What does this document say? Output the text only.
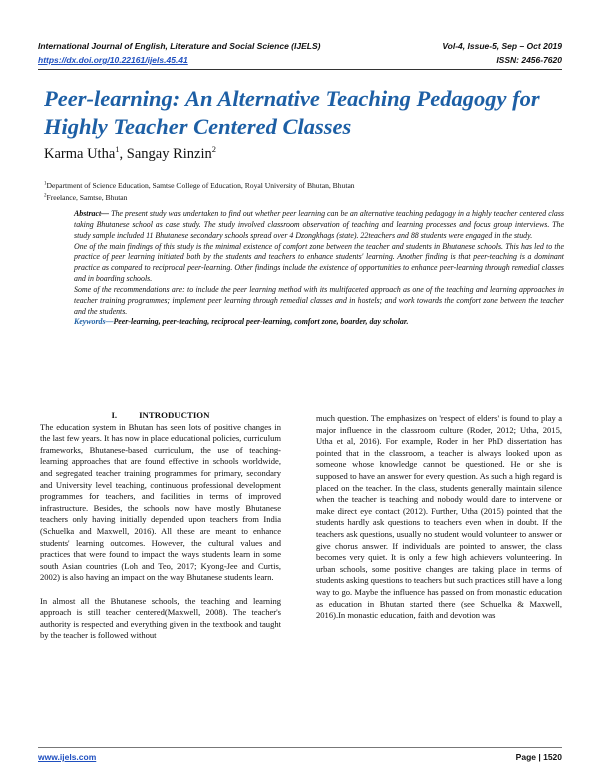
International Journal of English, Literature and Social Science (IJELS)	Vol-4, Issue-5, Sep – Oct 2019
https://dx.doi.org/10.22161/ijels.45.41	ISSN: 2456-7620
Peer-learning: An Alternative Teaching Pedagogy for Highly Teacher Centered Classes
Karma Utha$^1$, Sangay Rinzin$^2$
$^1$Department of Science Education, Samtse College of Education, Royal University of Bhutan, Bhutan
$^2$Freelance, Samtse, Bhutan

Abstract— The present study was undertaken to find out whether peer learning can be an alternative teaching pedagogy in a highly teacher centered class taking Bhutanese school as case study. The study involved classroom observation of teaching and learning processes and focus group interviews. The study sample included 11 Bhutanese secondary schools spread over 4 Dzongkhags (state). 22teachers and 88 students were engaged in the study.

One of the main findings of this study is the minimal existence of comfort zone between the teacher and students in Bhutanese schools. This has led to the practice of peer learning initiated both by the students and teachers to enhance students' learning. Another finding is that peer-teaching is a dominant practice as compared to reciprocal peer-learning. Other findings include the existence of opportunities to enhance peer-learning through remedial classes and in boarding schools.

Some of the recommendations are: to include the peer learning method with its multifaceted approach as one of the teaching and learning approaches in teacher training programmes; implement peer learning through remedial classes and in hostels; and work towards the comfort zone between the teacher and the students.

Keywords—Peer-learning, peer-teaching, reciprocal peer-learning, comfort zone, boarder, day scholar.

I.	INTRODUCTION

The education system in Bhutan has seen lots of positive changes in the last few years. It has now in place educational policies, curriculum frameworks, Bhutanese-based curriculum, the use of teaching-learning approaches that are found effective in schools worldwide, and segregated teacher training programmes for primary, secondary and University level teaching, continuous professional development programmes for teachers, and facilities in terms of improved infrastructure. Besides, the schools now have mostly Bhutanese teachers only having initially depended upon teachers from India (Schuelka and Maxwell, 2016). All these are meant to enhance students' learning outcomes. However, the cultural values and practices that were found to impact the ways students learn in some south Asian countries (Loh and Teo, 2017; Kyong-Jee and Curtis, 2002) is also having an impact on the way Bhutanese students learn.

In almost all the Bhutanese schools, the teaching and learning approach is still teacher centered(Maxwell, 2008). The teacher's authority is respected and everything given in the textbook and taught by the teacher is followed without

much question. The emphasizes on 'respect of elders' is found to play a major influence in the classroom culture (Roder, 2012; Utha, 2015, Utha et al, 2016). For example, Roder in her PhD dissertation has pointed that in the classroom, a teacher is always looked upon as someone whose knowledge cannot be questioned. He or she is supposed to have an answer for every question. As such a high regard is placed on the teacher. In the class, students generally maintain silence when the teacher is teaching and nobody would dare to intervene or make direct eye contact (2012). Further, Utha (2015) pointed that the students hardly ask questions to teachers even when in doubt. If the teachers ask questions, usually no student would volunteer to answer or give chorus answer. If individuals are pointed to answer, the class becomes very quiet. It is only a few high achievers volunteering. In urban schools, some positive changes are taking place in terms of students asking questions to teachers but such practices still have a long way to go. Maybe the influence has passed on from monastic education as education in Bhutan started there (see Schuelka & Maxwell, 2016).In monastic education, faith and devotion was

www.ijels.com	Page | 1520
